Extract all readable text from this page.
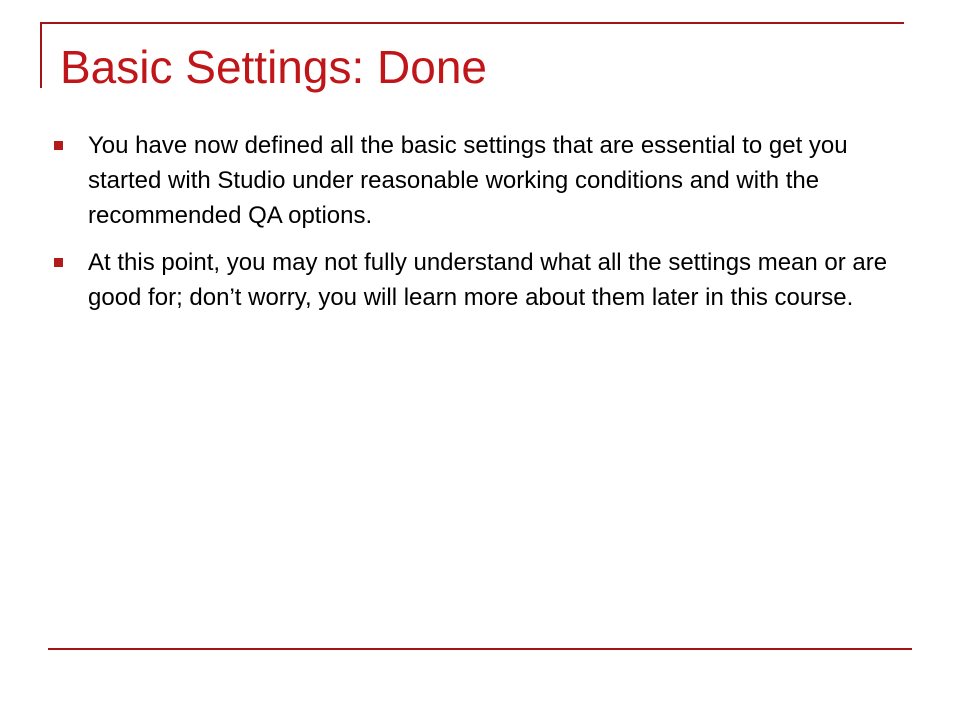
Basic Settings: Done
You have now defined all the basic settings that are essential to get you started with Studio under reasonable working conditions and with the recommended QA options.
At this point, you may not fully understand what all the settings mean or are good for; don’t worry, you will learn more about them later in this course.
